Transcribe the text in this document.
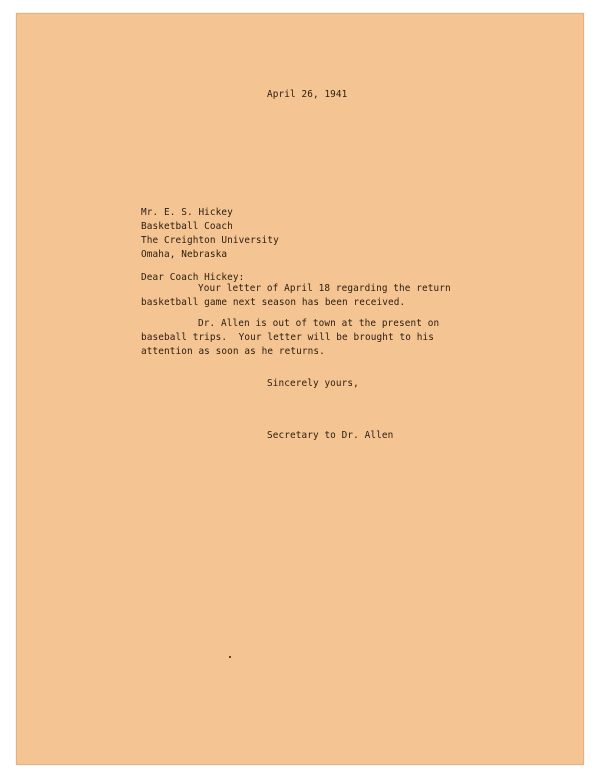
April 26, 1941
Mr. E. S. Hickey
Basketball Coach
The Creighton University
Omaha, Nebraska
Dear Coach Hickey:
Your letter of April 18 regarding the return
basketball game next season has been received.
Dr. Allen is out of town at the present on
baseball trips.  Your letter will be brought to his
attention as soon as he returns.
Sincerely yours,
Secretary to Dr. Allen
